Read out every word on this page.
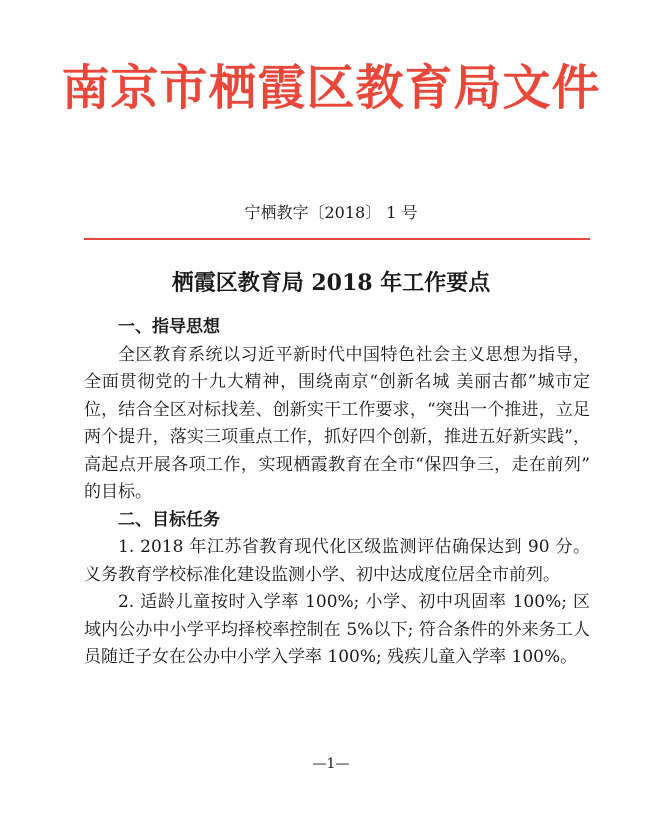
南京市栖霞区教育局文件
宁栖教字〔2018〕 1 号
栖霞区教育局 2018 年工作要点

一、指导思想

全区教育系统以习近平新时代中国特色社会主义思想为指导，全面贯彻党的十九大精神，围绕南京“创新名城 美丽古都”城市定位，结合全区对标找差、创新实干工作要求，“突出一个推进，立足两个提升，落实三项重点工作，抓好四个创新，推进五好新实践”，高起点开展各项工作，实现栖霞教育在全市“保四争三，走在前列” 的目标。

二、目标任务

1. 2018 年江苏省教育现代化区级监测评估确保达到 90 分。义务教育学校标准化建设监测小学、初中达成度位居全市前列。

2. 适龄儿童按时入学率 100%; 小学、初中巩固率 100%; 区域内公办中小学平均择校率控制在 5%以下; 符合条件的外来务工人员随迁子女在公办中小学入学率 100%; 残疾儿童入学率 100%。

—1—
